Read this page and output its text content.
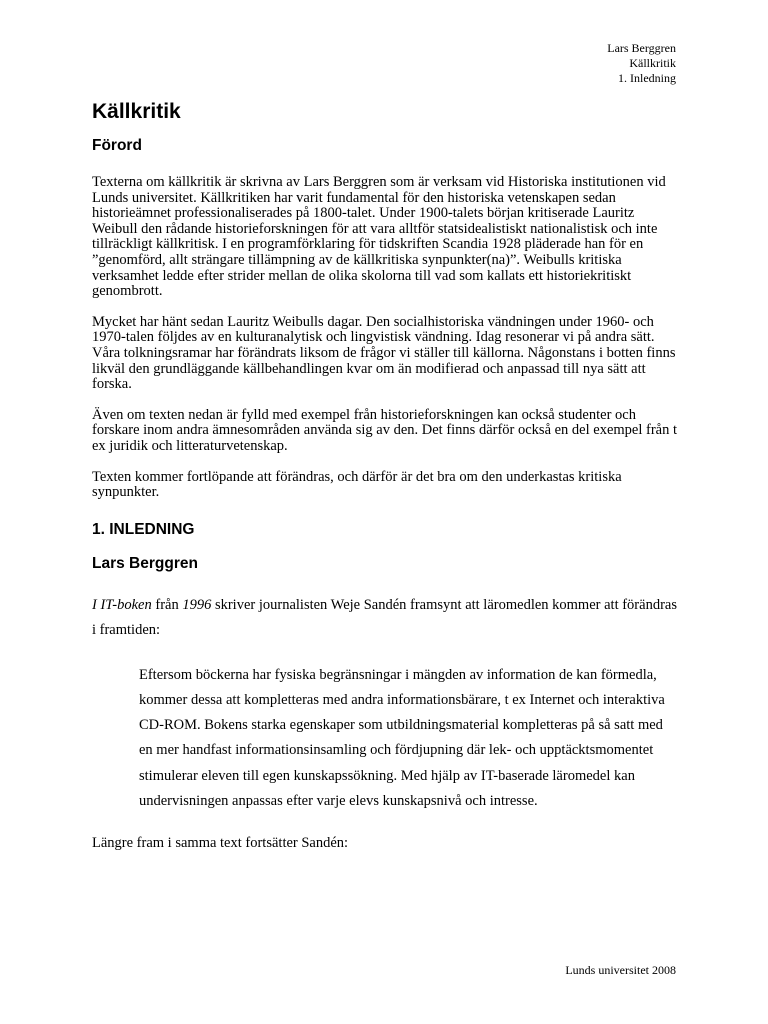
Lars Berggren
Källkritik
1. Inledning
Källkritik
Förord

Texterna om källkritik är skrivna av Lars Berggren som är verksam vid Historiska institutionen vid Lunds universitet. Källkritiken har varit fundamental för den historiska vetenskapen sedan historieämnet professionaliserades på 1800-talet. Under 1900-talets början kritiserade Lauritz Weibull den rådande historieforskningen för att vara alltför statsidealistiskt nationalistisk och inte tillräckligt källkritisk. I en programförklaring för tidskriften Scandia 1928 pläderade han för en ”genomförd, allt strängare tillämpning av de källkritiska synpunkter(na)”. Weibulls kritiska verksamhet ledde efter strider mellan de olika skolorna till vad som kallats ett historiekritiskt genombrott.

Mycket har hänt sedan Lauritz Weibulls dagar. Den socialhistoriska vändningen under 1960- och 1970-talen följdes av en kulturanalytisk och lingvistisk vändning. Idag resonerar vi på andra sätt. Våra tolkningsramar har förändrats liksom de frågor vi ställer till källorna. Någonstans i botten finns likväl den grundläggande källbehandlingen kvar om än modifierad och anpassad till nya sätt att forska.

Även om texten nedan är fylld med exempel från historieforskningen kan också studenter och forskare inom andra ämnesområden använda sig av den. Det finns därför också en del exempel från t ex juridik och litteraturvetenskap.

Texten kommer fortlöpande att förändras, och därför är det bra om den underkastas kritiska synpunkter.

1. INLEDNING
Lars Berggren
I IT-boken från 1996 skriver journalisten Weje Sandén framsynt att läromedlen kommer att förändras i framtiden:
Eftersom böckerna har fysiska begränsningar i mängden av information de kan förmedla, kommer dessa att kompletteras med andra informationsbärare, t ex Internet och interaktiva CD-ROM. Bokens starka egenskaper som utbildningsmaterial kompletteras på så satt med en mer handfast informationsinsamling och fördjupning där lek- och upptäcktsmomentet stimulerar eleven till egen kunskapssökning. Med hjälp av IT-baserade läromedel kan undervisningen anpassas efter varje elevs kunskapsnivå och intresse.
Längre fram i samma text fortsätter Sandén:
Lunds universitet 2008
